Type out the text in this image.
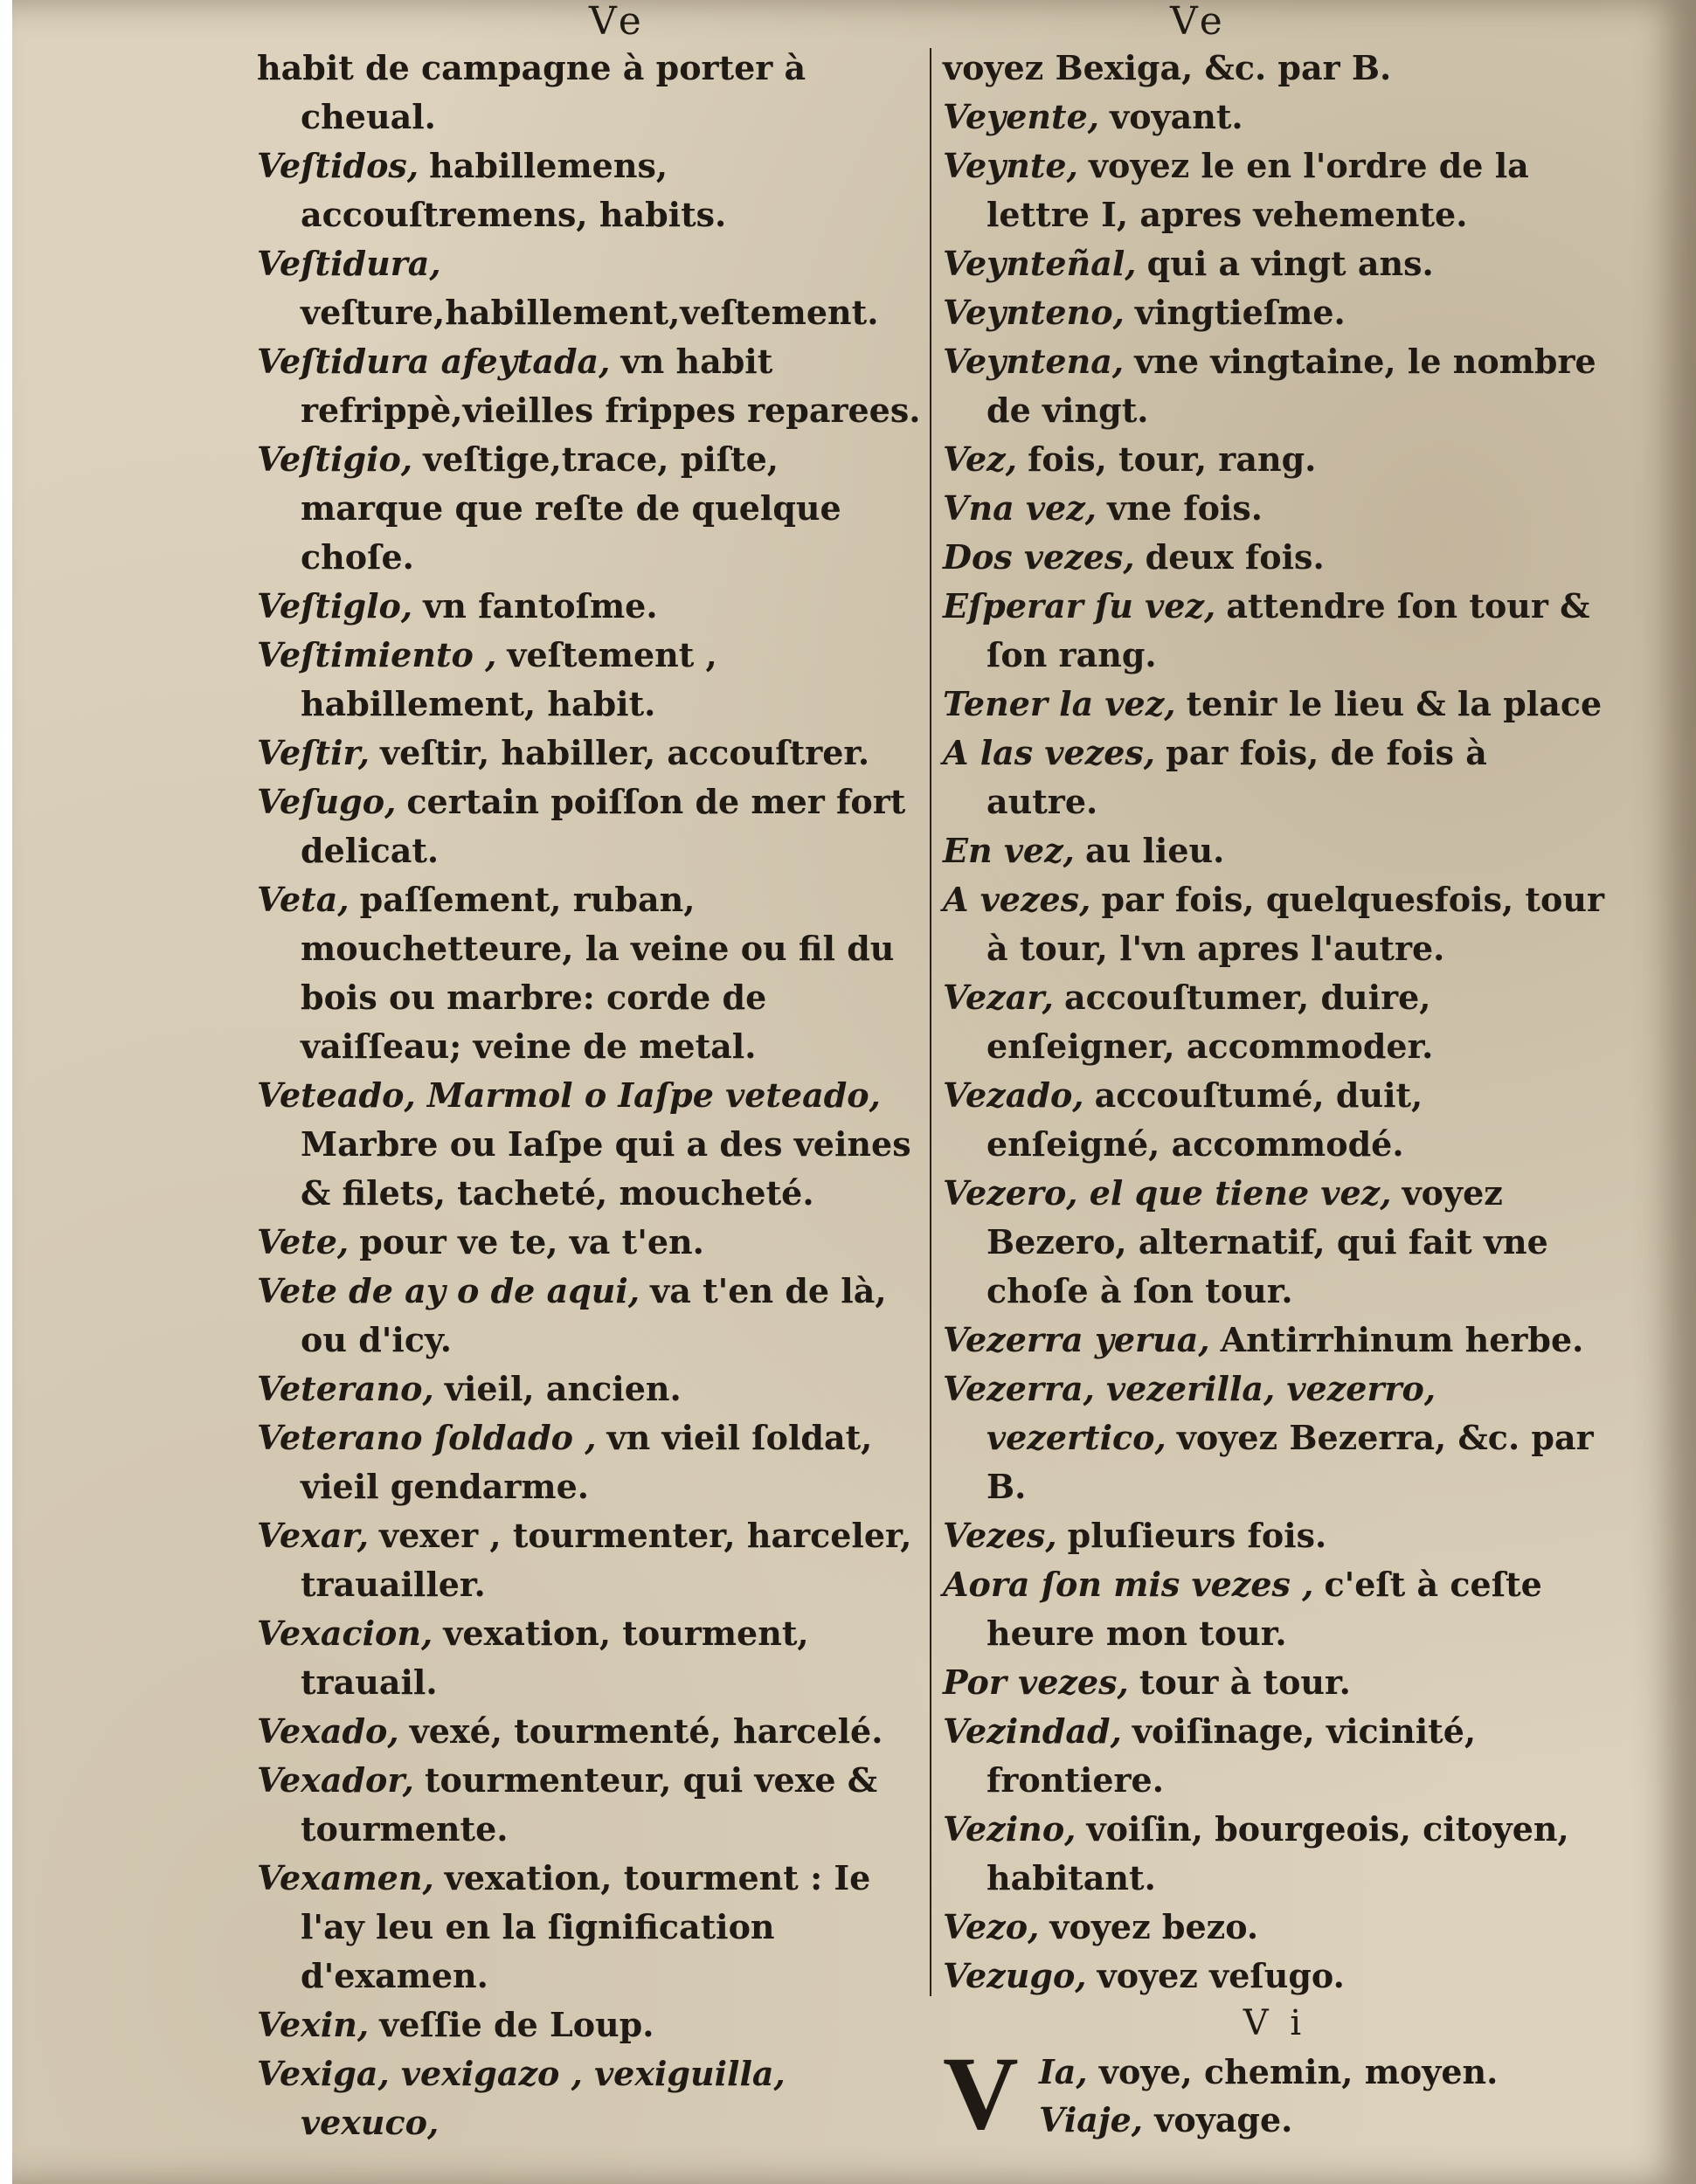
Ve

habit de campagne à porter à cheual.

Veſtidos, habillemens, accouſtremens, habits.

Veſtidura, veſture,habillement,veſtement.

Veſtidura afeytada, vn habit refrippè,vieilles frippes reparees.

Veſtigio, veſtige,trace, piſte, marque que reſte de quelque choſe.

Veſtiglo, vn fantoſme.

Veſtimiento , veſtement , habillement, habit.

Veſtir, veſtir, habiller, accouſtrer.

Veſugo, certain poiſſon de mer fort delicat.

Veta, paſſement, ruban, mouchetteure, la veine ou fil du bois ou marbre: corde de vaiſſeau; veine de metal.

Veteado, Marmol o Iaſpe veteado, Marbre ou Iaſpe qui a des veines & filets, tacheté, moucheté.

Vete, pour ve te, va t'en.

Vete de ay o de aqui, va t'en de là, ou d'icy.

Veterano, vieil, ancien.

Veterano ſoldado , vn vieil ſoldat, vieil gendarme.

Vexar, vexer , tourmenter, harceler, trauailler.

Vexacion, vexation, tourment, trauail.

Vexado, vexé, tourmenté, harcelé.

Vexador, tourmenteur, qui vexe & tourmente.

Vexamen, vexation, tourment : Ie l'ay leu en la ſignification d'examen.

Vexin, veſſie de Loup.

Vexiga, vexigazo , vexiguilla, vexuco,

Ve

voyez Bexiga, &c. par B.

Veyente, voyant.

Veynte, voyez le en l'ordre de la lettre I, apres vehemente.

Veynteñal, qui a vingt ans.

Veynteno, vingtieſme.

Veyntena, vne vingtaine, le nombre de vingt.

Vez, fois, tour, rang.

Vna vez, vne fois.

Dos vezes, deux fois.

Eſperar ſu vez, attendre ſon tour & ſon rang.

Tener la vez, tenir le lieu & la place

A las vezes, par fois, de fois à autre.

En vez, au lieu.

A vezes, par fois, quelquesfois, tour à tour, l'vn apres l'autre.

Vezar, accouſtumer, duire, enſeigner, accommoder.

Vezado, accouſtumé, duit, enſeigné, accommodé.

Vezero, el que tiene vez, voyez Bezero, alternatif, qui fait vne choſe à ſon tour.

Vezerra yerua, Antirrhinum herbe.

Vezerra, vezerilla, vezerro, vezertico, voyez Bezerra, &c. par B.

Vezes, pluſieurs fois.

Aora ſon mis vezes , c'eſt à ceſte heure mon tour.

Por vezes, tour à tour.

Vezindad, voiſinage, vicinité, frontiere.

Vezino, voiſin, bourgeois, citoyen, habitant.

Vezo, voyez bezo.

Vezugo, voyez veſugo.

V i
V Ia, voye, chemin, moyen.
Viaje, voyage.
